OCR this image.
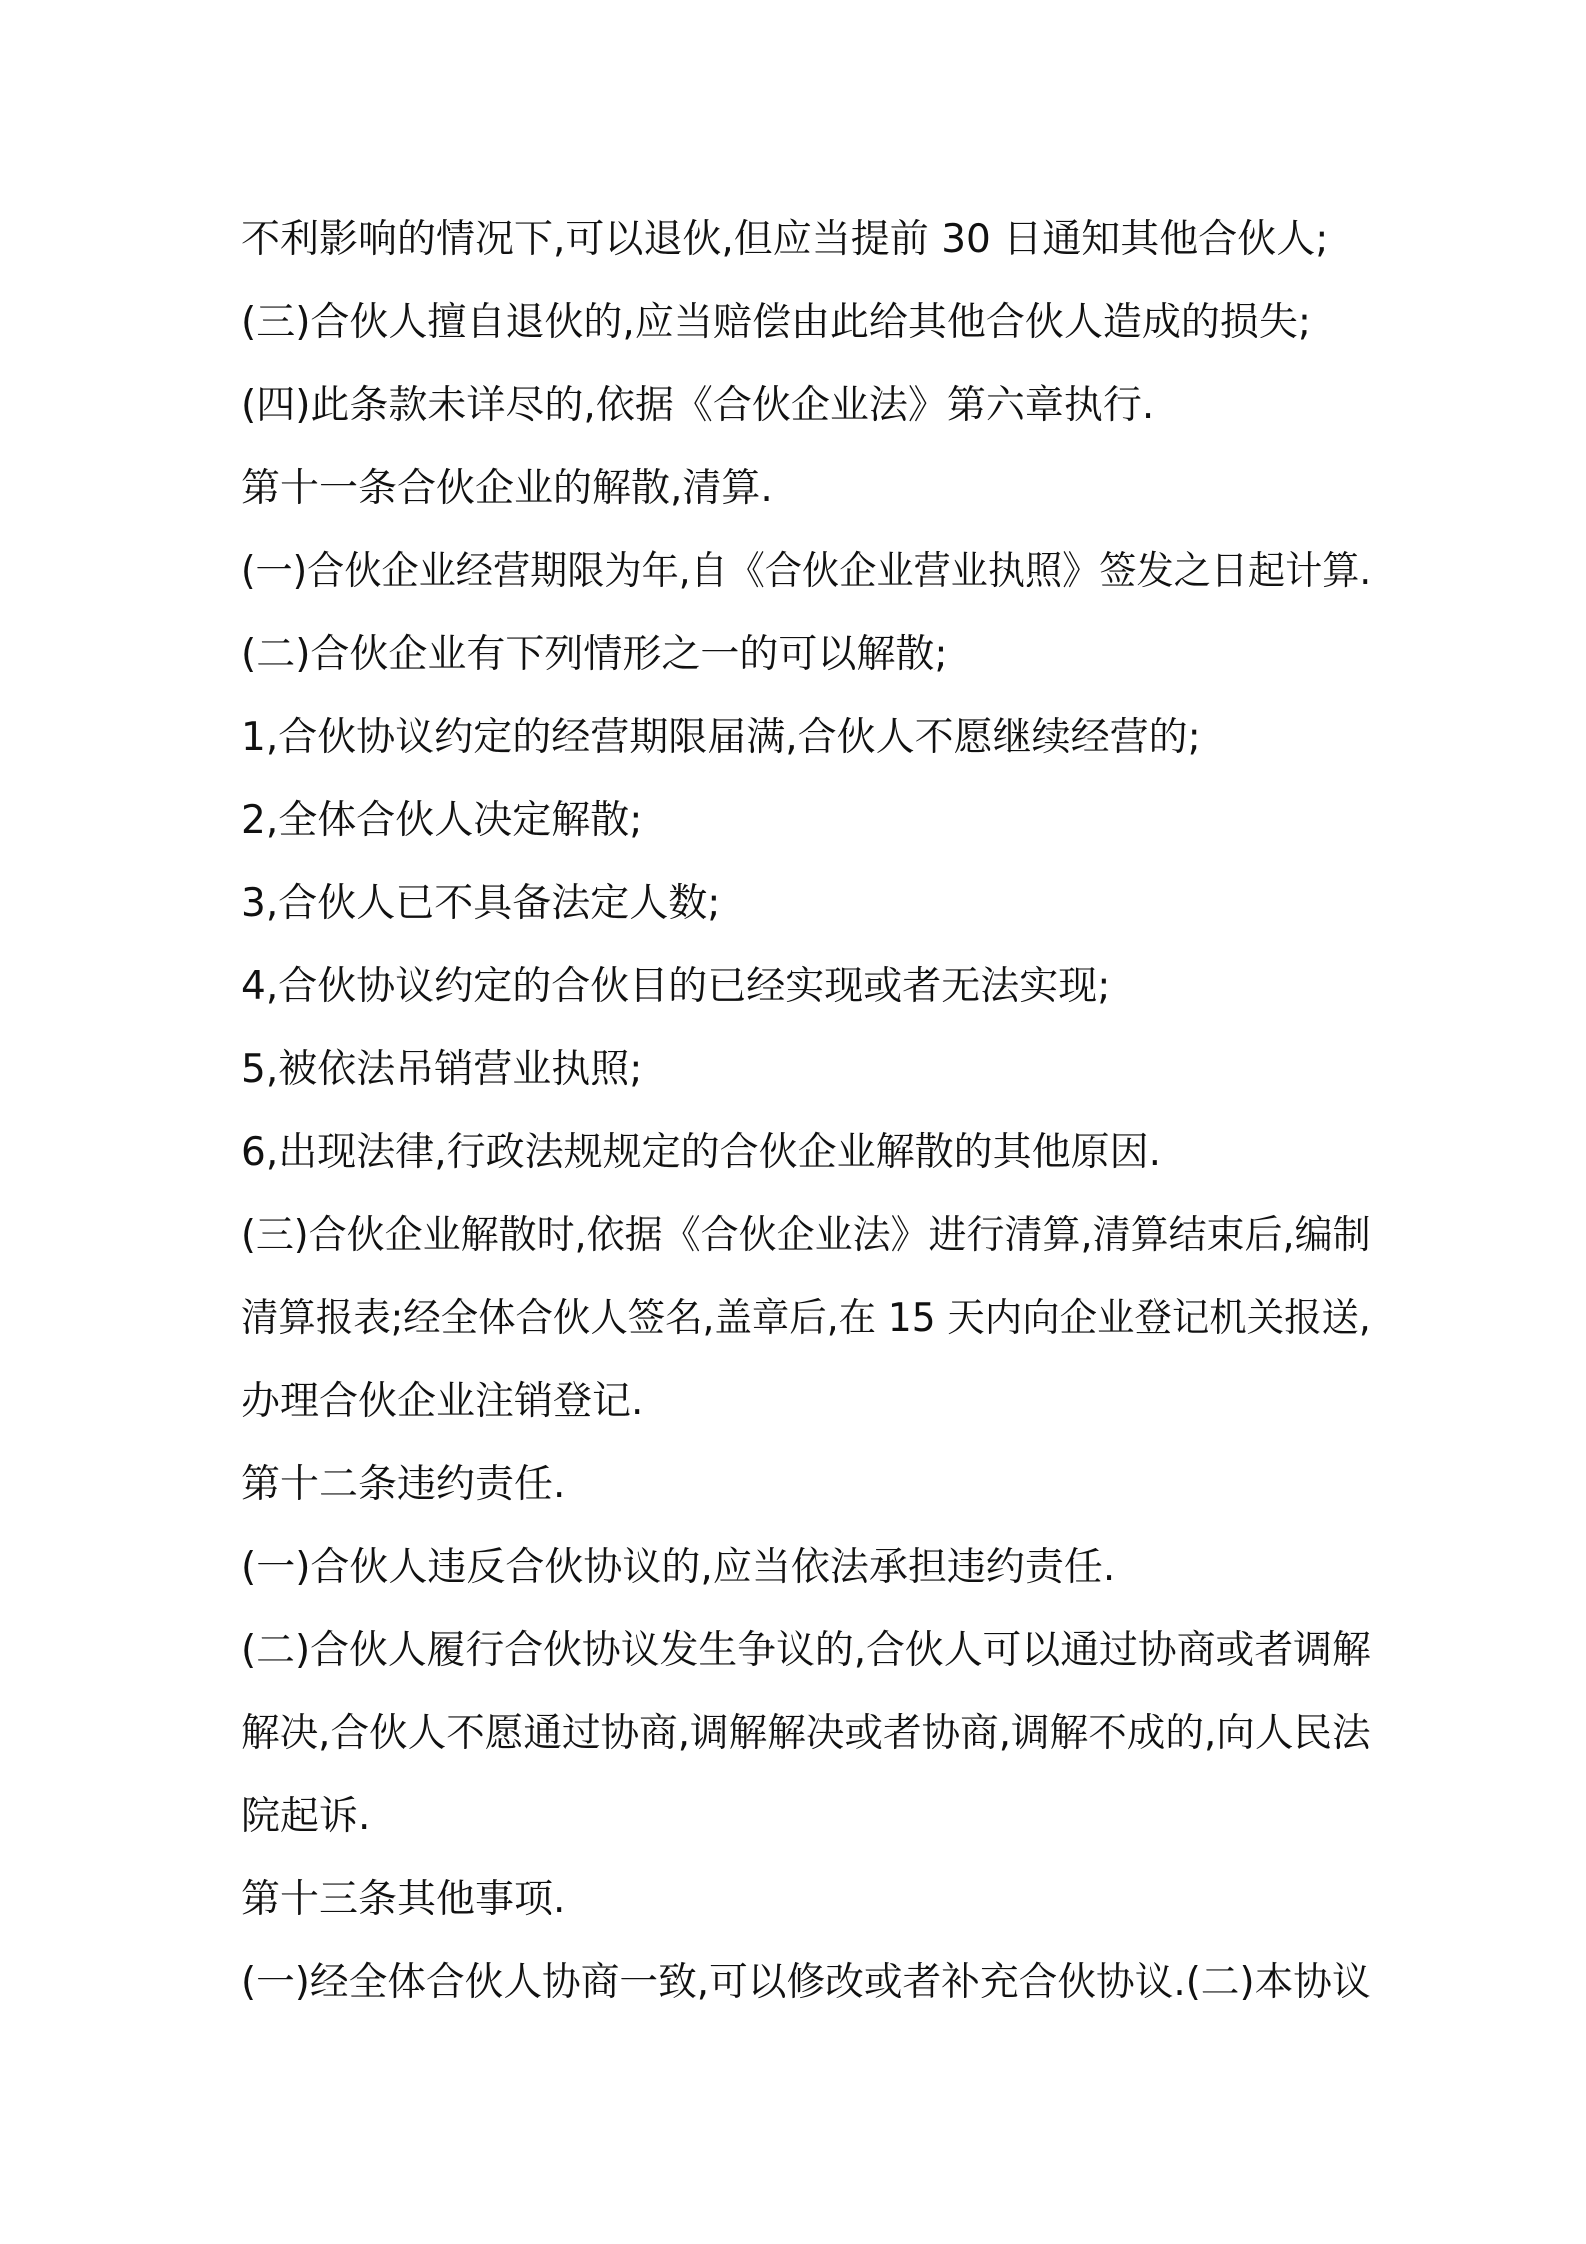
不利影响的情况下,可以退伙,但应当提前 30 日通知其他合伙人;
(三)合伙人擅自退伙的,应当赔偿由此给其他合伙人造成的损失;
(四)此条款未详尽的,依据《合伙企业法》第六章执行.
第十一条合伙企业的解散,清算.
(一)合伙企业经营期限为年,自《合伙企业营业执照》签发之日起计算.
(二)合伙企业有下列情形之一的可以解散;
1,合伙协议约定的经营期限届满,合伙人不愿继续经营的;
2,全体合伙人决定解散;
3,合伙人已不具备法定人数;
4,合伙协议约定的合伙目的已经实现或者无法实现;
5,被依法吊销营业执照;
6,出现法律,行政法规规定的合伙企业解散的其他原因.
(三)合伙企业解散时,依据《合伙企业法》进行清算,清算结束后,编制
清算报表;经全体合伙人签名,盖章后,在 15 天内向企业登记机关报送,
办理合伙企业注销登记.
第十二条违约责任.
(一)合伙人违反合伙协议的,应当依法承担违约责任.
(二)合伙人履行合伙协议发生争议的,合伙人可以通过协商或者调解
解决,合伙人不愿通过协商,调解解决或者协商,调解不成的,向人民法
院起诉.
第十三条其他事项.
(一)经全体合伙人协商一致,可以修改或者补充合伙协议.(二)本协议
